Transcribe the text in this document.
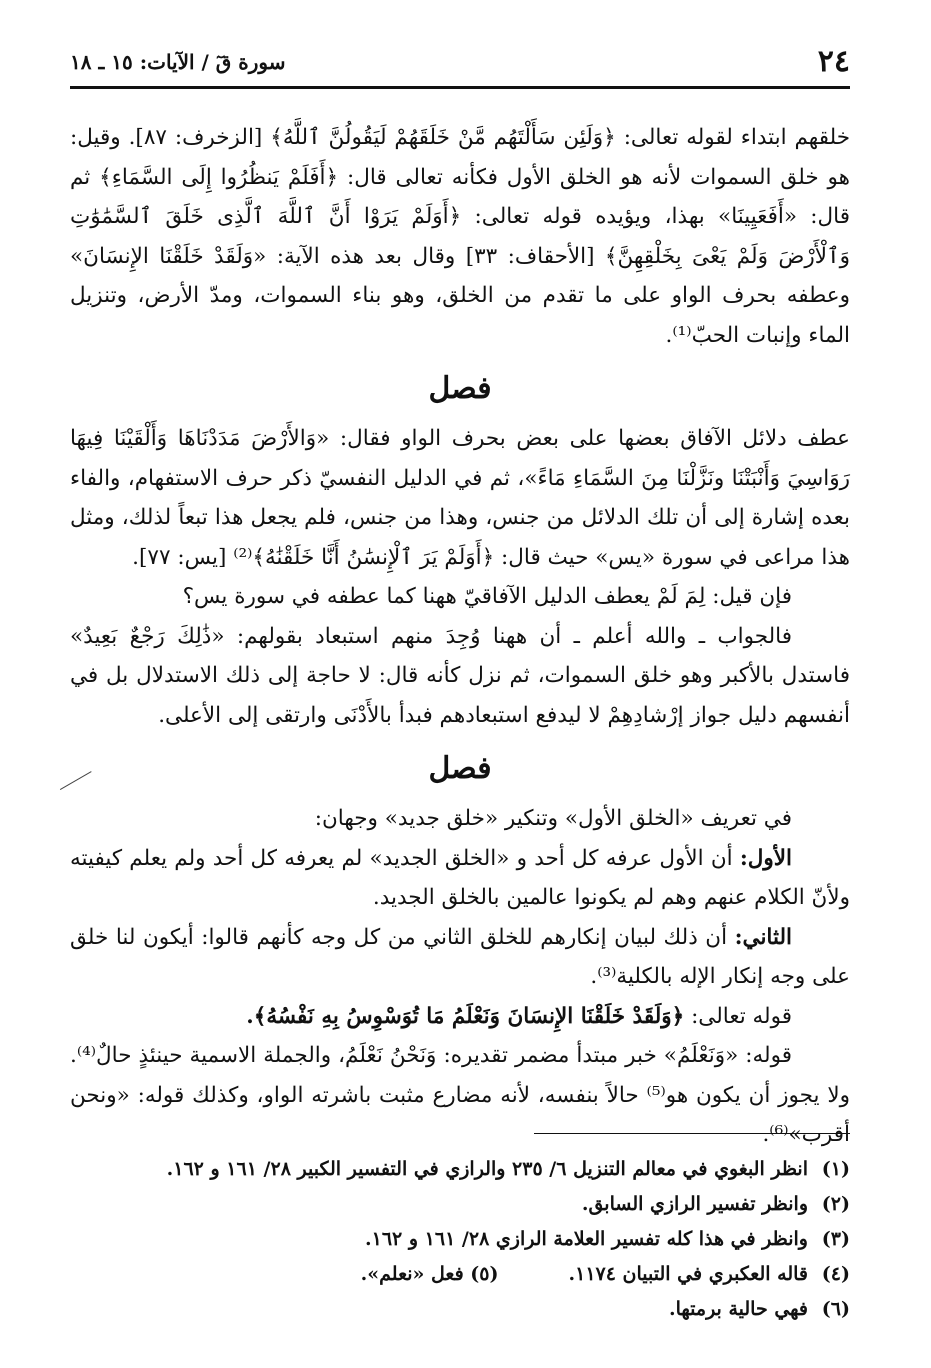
٢٤
سورة قٓ / الآيات: ١٥ ـ ١٨

خلقهم ابتداء لقوله تعالى: ﴿وَلَئِن سَأَلْتَهُم مَّنْ خَلَقَهُمْ لَيَقُولُنَّ ٱللَّهُ﴾ [الزخرف: ٨٧]. وقيل: هو خلق السموات لأنه هو الخلق الأول فكأنه تعالى قال: ﴿أَفَلَمْ يَنظُرُوا إِلَى السَّمَاءِ﴾ ثم قال: «أَفَعَيِينَا» بهذا، ويؤيده قوله تعالى: ﴿أَوَلَمْ يَرَوْا أَنَّ ٱللَّهَ ٱلَّذِى خَلَقَ ٱلسَّمَٰوَٰتِ وَٱلْأَرْضَ وَلَمْ يَعْىَ بِخَلْقِهِنَّ﴾ [الأحقاف: ٣٣] وقال بعد هذه الآية: «وَلَقَدْ خَلَقْنَا الإِنسَانَ» وعطفه بحرف الواو على ما تقدم من الخلق، وهو بناء السموات، ومدّ الأرض، وتنزيل الماء وإنبات الحبّ⁽¹⁾.

فصل

عطف دلائل الآفاق بعضها على بعض بحرف الواو فقال: «وَالأَرْضَ مَدَدْنَاهَا وَأَلْقَيْنَا فِيهَا رَوَاسِيَ وَأَنْبَتْنَا ونَزَّلْنَا مِنَ السَّمَاءِ مَاءً»، ثم في الدليل النفسيّ ذكر حرف الاستفهام، والفاء بعده إشارة إلى أن تلك الدلائل من جنس، وهذا من جنس، فلم يجعل هذا تبعاً لذلك، ومثل هذا مراعى في سورة «يس» حيث قال: ﴿أَوَلَمْ يَرَ ٱلْإِنسَٰنُ أَنَّا خَلَقْنَٰهُ﴾⁽²⁾ [يس: ٧٧].

فإن قيل: لِمَ لَمْ يعطف الدليل الآفاقيّ ههنا كما عطفه في سورة يس؟

فالجواب ـ والله أعلم ـ أن ههنا وُجِدَ منهم استبعاد بقولهم: «ذَٰلِكَ رَجْعٌ بَعِيدٌ» فاستدل بالأكبر وهو خلق السموات، ثم نزل كأنه قال: لا حاجة إلى ذلك الاستدلال بل في أنفسهم دليل جواز إرْشادِهِمْ لا ليدفع استبعادهم فبدأ بالأَدْنَى وارتقى إلى الأعلى.

فصل

في تعريف «الخلق الأول» وتنكير «خلق جديد» وجهان:

الأول: أن الأول عرفه كل أحد و «الخلق الجديد» لم يعرفه كل أحد ولم يعلم كيفيته ولأنّ الكلام عنهم وهم لم يكونوا عالمين بالخلق الجديد.

الثاني: أن ذلك لبيان إنكارهم للخلق الثاني من كل وجه كأنهم قالوا: أيكون لنا خلق على وجه إنكار الإله بالكلية⁽³⁾.

قوله تعالى: ﴿وَلَقَدْ خَلَقْنَا الإِنسَانَ وَنَعْلَمُ مَا تُوَسْوِسُ بِهِ نَفْسُهُ﴾.

قوله: «وَنَعْلَمُ» خبر مبتدأ مضمر تقديره: وَنَحْنُ نَعْلَمُ، والجملة الاسمية حينئذٍ حالٌ⁽⁴⁾. ولا يجوز أن يكون هو⁽⁵⁾ حالاً بنفسه، لأنه مضارع مثبت باشرته الواو، وكذلك قوله: «ونحن أقرب»⁽⁶⁾.

(١)انظر البغوي في معالم التنزيل ٦/ ٢٣٥ والرازي في التفسير الكبير ٢٨/ ١٦١ و ١٦٢.
(٢)وانظر تفسير الرازي السابق.
(٣)وانظر في هذا كله تفسير العلامة الرازي ٢٨/ ١٦١ و ١٦٢.
(٤)قاله العكبري في التبيان ١١٧٤.(٥) فعل «نعلم».
(٦)فهي حالية برمتها.
